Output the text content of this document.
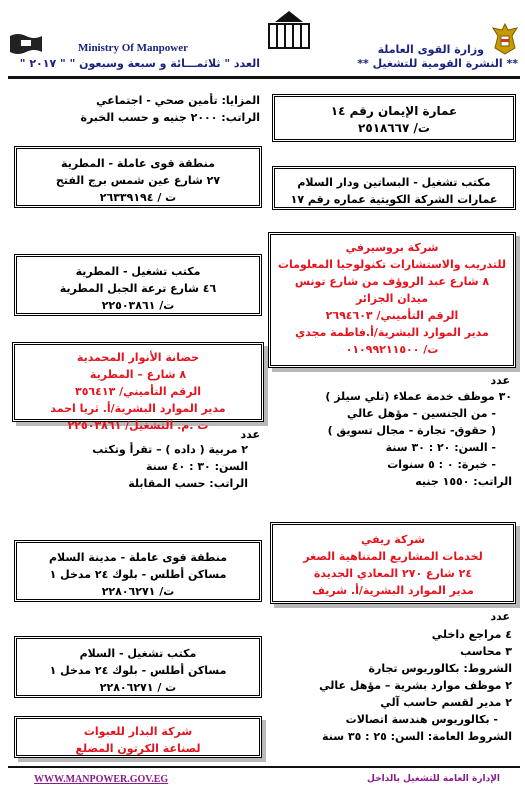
Ministry Of Manpower
العدد " ثلاثمـــائة و سبعة وسبعون " " ٢٠١٧ "
وزارة القوى العاملة
** النشرة القومية للتشغيل **
المزايا: تأمين صحي - اجتماعي
الراتب: ٢٠٠٠ جنيه و حسب الخبرة
منطقة قوى عاملة - المطرية
٢٧ شارع عين شمس برج الفتح
ت / ٢٦٣٣٩١٩٤
مكتب تشغيل - المطرية
٤٦ شارع ترعة الجبل المطرية
ت/ ٢٢٥٠٣٨٦١
حضانة الأنوار المحمدية
٨ شارع – المطرية
الرقم التأميني/ ٣٥٦٤١٣
مدير الموارد البشرية/أ. ثريا احمد
ت .م. التشغيل/ ٢٢٥٠٣٨٦١
عدد
٢ مربية ( داده ) – تقرأ وتكتب
السن: ٣٠ : ٤٠ سنة
الراتب: حسب المقابلة
منطقة قوى عاملة - مدينة السلام
مساكن أطلس - بلوك ٢٤ مدخل ١
ت/ ٢٢٨٠٦٢٧١
مكتب تشغيل - السلام
مساكن أطلس - بلوك ٢٤ مدخل ١
ت / ٢٢٨٠٦٢٧١
شركة البدار للعبوات
لصناعة الكرتون المضلع
عمارة الإيمان رقم ١٤
ت/ ٢٥١٨٦٦٧
مكتب تشغيل - البساتين ودار السلام
عمارات الشركة الكويتية عماره رقم ١٧
شركة بروسيرفي
للتدريب والاستشارات تكنولوجيا المعلومات
٨ شارع عبد الروؤف من شارع تونس
ميدان الجزائر
الرقم التأميني/ ٢٦٩٤٦٠٣
مدير الموارد البشرية/أ.فاطمة مجدي
ت/ ٠١٠٩٩٢١١٥٠٠
عدد
٣٠ موظف خدمة عملاء (تلي سيلز )
- من الجنسين - مؤهل عالي
( حقوق- تجارة - مجال تسويق )
- السن: ٢٠ : ٣٠ سنة
- خبرة: ٠ : ٥ سنوات
الراتب: ١٥٥٠ جنيه
شركة ريفي
لخدمات المشاريع المتناهية الصغر
٢٤ شارع ٢٧٠ المعادي الجديدة
مدير الموارد البشرية/أ. شريف
عدد
٤ مراجع داخلي
٣ محاسب
الشروط: بكالوريوس تجارة
٢ موظف موارد بشرية – مؤهل عالي
٢ مدير لقسم حاسب آلي
- بكالوريوس هندسة اتصالات
الشروط العامة: السن: ٢٥ : ٣٥ سنة
WWW.MANPOWER.GOV.EG	الإدارة العامة للتشغيل بالداخل
